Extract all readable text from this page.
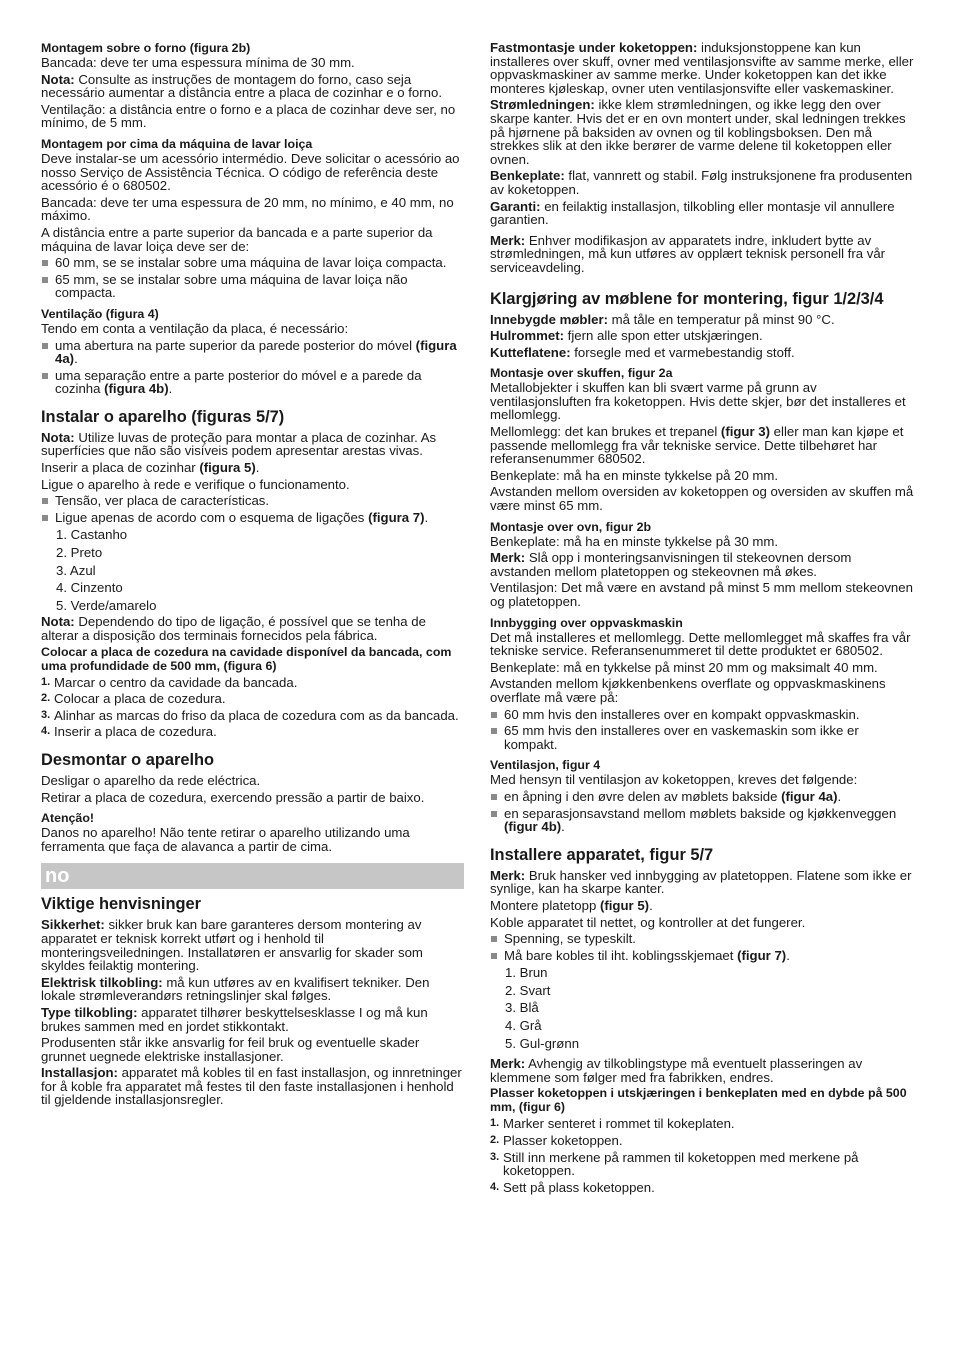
Montagem sobre o forno (figura 2b)

Bancada: deve ter uma espessura mínima de 30 mm.

Nota: Consulte as instruções de montagem do forno, caso seja necessário aumentar a distância entre a placa de cozinhar e o forno.

Ventilação: a distância entre o forno e a placa de cozinhar deve ser, no mínimo, de 5 mm.

Montagem por cima da máquina de lavar loiça

Deve instalar-se um acessório intermédio. Deve solicitar o acessório ao nosso Serviço de Assistência Técnica. O código de referência deste acessório é o 680502.

Bancada: deve ter uma espessura de 20 mm, no mínimo, e 40 mm, no máximo.

A distância entre a parte superior da bancada e a parte superior da máquina de lavar loiça deve ser de:

60 mm, se se instalar sobre uma máquina de lavar loiça compacta.
65 mm, se se instalar sobre uma máquina de lavar loiça não compacta.
Ventilação (figura 4)

Tendo em conta a ventilação da placa, é necessário:

uma abertura na parte superior da parede posterior do móvel (figura 4a).
uma separação entre a parte posterior do móvel e a parede da cozinha (figura 4b).
Instalar o aparelho (figuras 5/7)

Nota: Utilize luvas de proteção para montar a placa de cozinhar. As superfícies que não são visíveis podem apresentar arestas vivas.

Inserir a placa de cozinhar (figura 5).

Ligue o aparelho à rede e verifique o funcionamento.

Tensão, ver placa de características.
Ligue apenas de acordo com o esquema de ligações (figura 7).
1. Castanho
2. Preto
3. Azul
4. Cinzento
5. Verde/amarelo

Nota: Dependendo do tipo de ligação, é possível que se tenha de alterar a disposição dos terminais fornecidos pela fábrica.

Colocar a placa de cozedura na cavidade disponível da bancada, com uma profundidade de 500 mm, (figura 6)
1. Marcar o centro da cavidade da bancada.
2. Colocar a placa de cozedura.
3. Alinhar as marcas do friso da placa de cozedura com as da bancada.
4. Inserir a placa de cozedura.
Desmontar o aparelho

Desligar o aparelho da rede eléctrica.

Retirar a placa de cozedura, exercendo pressão a partir de baixo.

Atenção!

Danos no aparelho! Não tente retirar o aparelho utilizando uma ferramenta que faça de alavanca a partir de cima.

no
Viktige henvisninger

Sikkerhet: sikker bruk kan bare garanteres dersom montering av apparatet er teknisk korrekt utført og i henhold til monteringsveiledningen. Installatøren er ansvarlig for skader som skyldes feilaktig montering.

Elektrisk tilkobling: må kun utføres av en kvalifisert tekniker. Den lokale strømleverandørs retningslinjer skal følges.

Type tilkobling: apparatet tilhører beskyttelsesklasse I og må kun brukes sammen med en jordet stikkontakt.

Produsenten står ikke ansvarlig for feil bruk og eventuelle skader grunnet uegnede elektriske installasjoner.

Installasjon: apparatet må kobles til en fast installasjon, og innretninger for å koble fra apparatet må festes til den faste installasjonen i henhold til gjeldende installasjonsregler.

Fastmontasje under koketoppen: induksjonstoppene kan kun installeres over skuff, ovner med ventilasjonsvifte av samme merke, eller oppvaskmaskiner av samme merke. Under koketoppen kan det ikke monteres kjøleskap, ovner uten ventilasjonsvifte eller vaskemaskiner.

Strømledningen: ikke klem strømledningen, og ikke legg den over skarpe kanter. Hvis det er en ovn montert under, skal ledningen trekkes på hjørnene på baksiden av ovnen og til koblingsboksen. Den må strekkes slik at den ikke berører de varme delene til koketoppen eller ovnen.

Benkeplate: flat, vannrett og stabil. Følg instruksjonene fra produsenten av koketoppen.

Garanti: en feilaktig installasjon, tilkobling eller montasje vil annullere garantien.

Merk: Enhver modifikasjon av apparatets indre, inkludert bytte av strømledningen, må kun utføres av opplært teknisk personell fra vår serviceavdeling.

Klargjøring av møblene for montering, figur 1/2/3/4

Innebygde møbler: må tåle en temperatur på minst 90 °C.

Hulrommet: fjern alle spon etter utskjæringen.

Kutteflatene: forsegle med et varmebestandig stoff.

Montasje over skuffen, figur 2a

Metallobjekter i skuffen kan bli svært varme på grunn av ventilasjonsluften fra koketoppen. Hvis dette skjer, bør det installeres et mellomlegg.

Mellomlegg: det kan brukes et trepanel (figur 3) eller man kan kjøpe et passende mellomlegg fra vår tekniske service. Dette tilbehøret har referansenummer 680502.

Benkeplate: må ha en minste tykkelse på 20 mm.

Avstanden mellom oversiden av koketoppen og oversiden av skuffen må være minst 65 mm.

Montasje over ovn, figur 2b

Benkeplate: må ha en minste tykkelse på 30 mm.

Merk: Slå opp i monteringsanvisningen til stekeovnen dersom avstanden mellom platetoppen og stekeovnen må økes.

Ventilasjon: Det må være en avstand på minst 5 mm mellom stekeovnen og platetoppen.

Innbygging over oppvaskmaskin

Det må installeres et mellomlegg. Dette mellomlegget må skaffes fra vår tekniske service. Referansenummeret til dette produktet er 680502.

Benkeplate: må en tykkelse på minst 20 mm og maksimalt 40 mm.

Avstanden mellom kjøkkenbenkens overflate og oppvaskmaskinens overflate må være på:

60 mm hvis den installeres over en kompakt oppvaskmaskin.
65 mm hvis den installeres over en vaskemaskin som ikke er kompakt.
Ventilasjon, figur 4

Med hensyn til ventilasjon av koketoppen, kreves det følgende:

en åpning i den øvre delen av møblets bakside (figur 4a).
en separasjonsavstand mellom møblets bakside og kjøkkenveggen (figur 4b).
Installere apparatet, figur 5/7

Merk: Bruk hansker ved innbygging av platetoppen. Flatene som ikke er synlige, kan ha skarpe kanter.

Montere platetopp (figur 5).

Koble apparatet til nettet, og kontroller at det fungerer.

Spenning, se typeskilt.
Må bare kobles til iht. koblingsskjemaet (figur 7).
1. Brun
2. Svart
3. Blå
4. Grå
5. Gul-grønn

Merk: Avhengig av tilkoblingstype må eventuelt plasseringen av klemmene som følger med fra fabrikken, endres.

Plasser koketoppen i utskjæringen i benkeplaten med en dybde på 500 mm, (figur 6)
1. Marker senteret i rommet til kokeplaten.
2. Plasser koketoppen.
3. Still inn merkene på rammen til koketoppen med merkene på koketoppen.
4. Sett på plass koketoppen.
